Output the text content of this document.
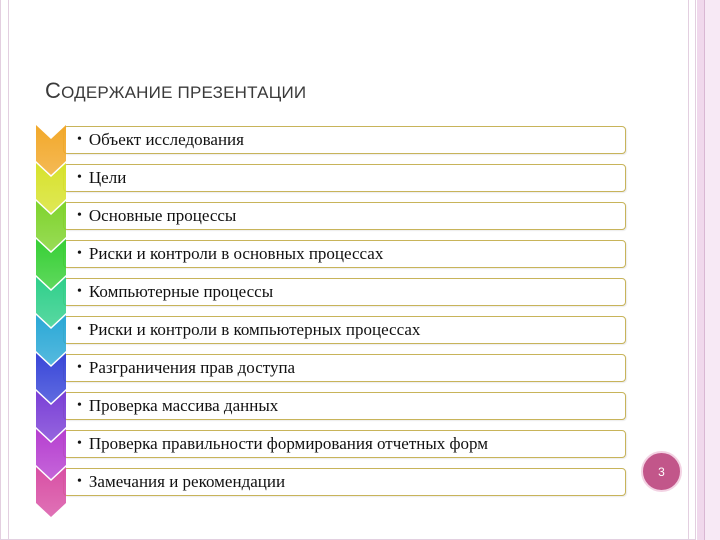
СОДЕРЖАНИЕ ПРЕЗЕНТАЦИИ
• Объект исследования
• Цели
• Основные процессы
• Риски и контроли в основных процессах
• Компьютерные процессы
• Риски и контроли в компьютерных процессах
• Разграничения прав доступа
• Проверка массива данных
• Проверка правильности формирования отчетных форм
• Замечания и рекомендации
3
